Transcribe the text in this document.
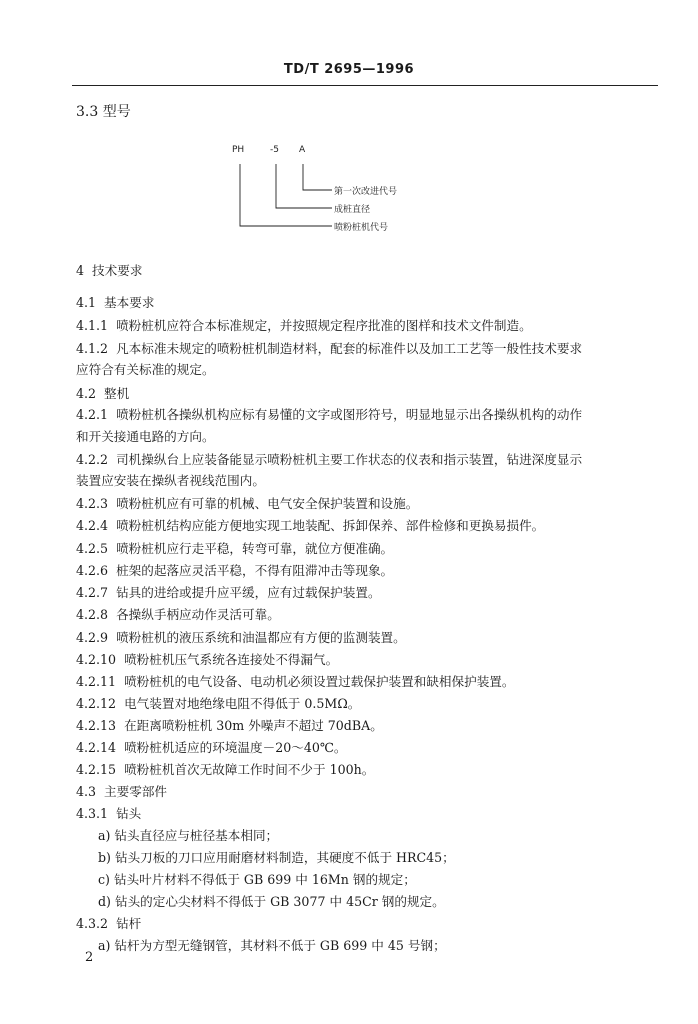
TD/T 2695—1996
3.3 型号
PH	-5 A
第一次改进代号
成桩直径
喷粉桩机代号
4 技术要求
4.1 基本要求
4.1.1 喷粉桩机应符合本标准规定，并按照规定程序批准的图样和技术文件制造。
4.1.2 凡本标准未规定的喷粉桩机制造材料，配套的标准件以及加工工艺等一般性技术要求
应符合有关标准的规定。
4.2 整机
4.2.1 喷粉桩机各操纵机构应标有易懂的文字或图形符号，明显地显示出各操纵机构的动作
和开关接通电路的方向。
4.2.2 司机操纵台上应装备能显示喷粉桩机主要工作状态的仪表和指示装置，钻进深度显示
装置应安装在操纵者视线范围内。
4.2.3 喷粉桩机应有可靠的机械、电气安全保护装置和设施。
4.2.4 喷粉桩机结构应能方便地实现工地装配、拆卸保养、部件检修和更换易损件。
4.2.5 喷粉桩机应行走平稳，转弯可靠，就位方便准确。
4.2.6 桩架的起落应灵活平稳，不得有阻滞冲击等现象。
4.2.7 钻具的进给或提升应平缓，应有过载保护装置。
4.2.8 各操纵手柄应动作灵活可靠。
4.2.9 喷粉桩机的液压系统和油温都应有方便的监测装置。
4.2.10 喷粉桩机压气系统各连接处不得漏气。
4.2.11 喷粉桩机的电气设备、电动机必须设置过载保护装置和缺相保护装置。
4.2.12 电气装置对地绝缘电阻不得低于 0.5MΩ。
4.2.13 在距离喷粉桩机 30m 外噪声不超过 70dBA。
4.2.14 喷粉桩机适应的环境温度－20～40℃。
4.2.15 喷粉桩机首次无故障工作时间不少于 100h。
4.3 主要零部件
4.3.1 钻头
a) 钻头直径应与桩径基本相同；
b) 钻头刀板的刀口应用耐磨材料制造，其硬度不低于 HRC45；
c) 钻头叶片材料不得低于 GB 699 中 16Mn 钢的规定；
d) 钻头的定心尖材料不得低于 GB 3077 中 45Cr 钢的规定。
4.3.2 钻杆
a) 钻杆为方型无缝钢管，其材料不低于 GB 699 中 45 号钢；
2
